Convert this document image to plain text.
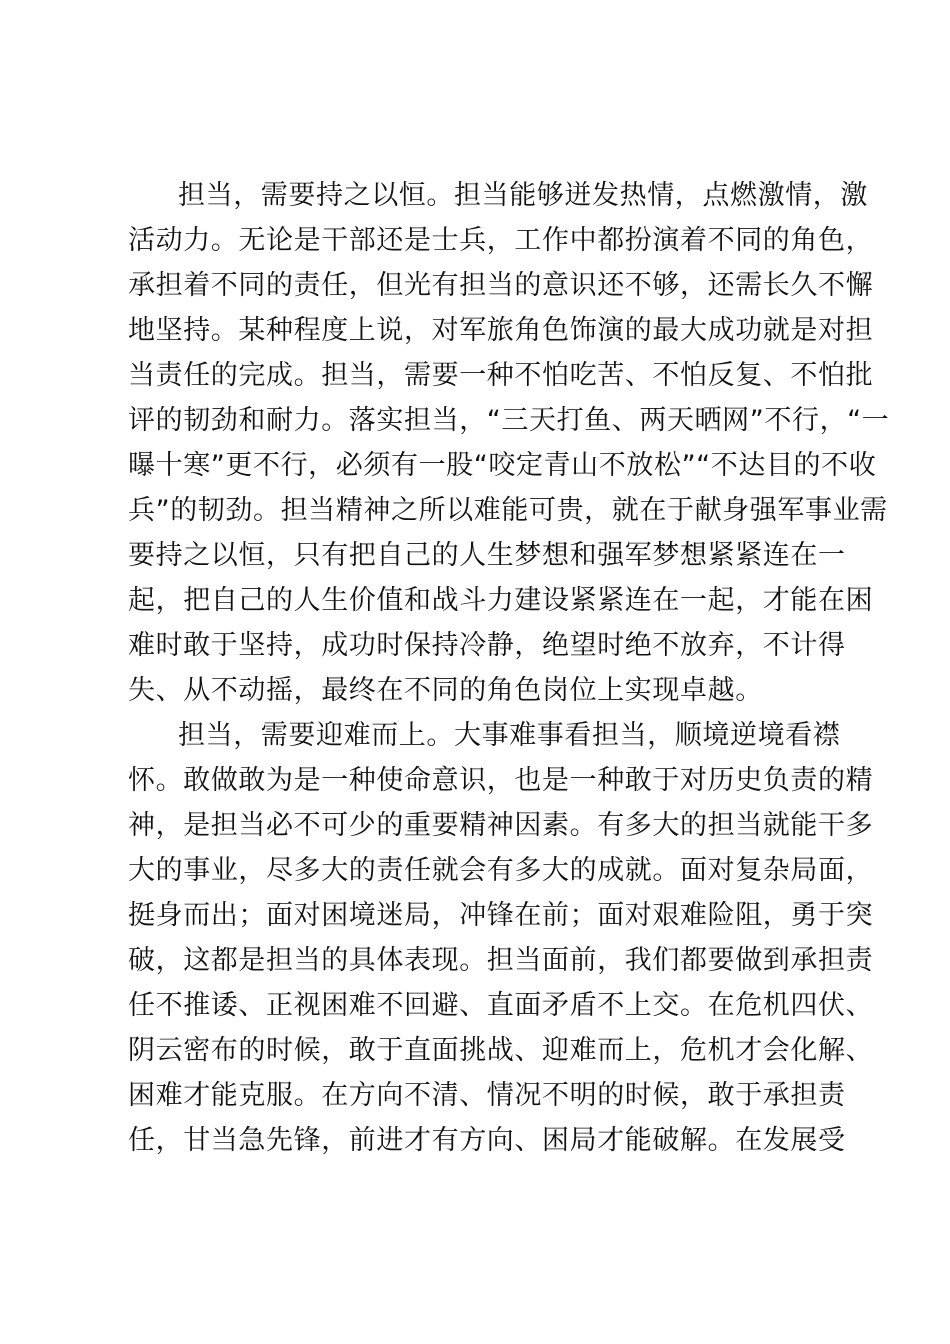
担当，需要持之以恒。担当能够迸发热情，点燃激情，激
活动力。无论是干部还是士兵，工作中都扮演着不同的角色，
承担着不同的责任，但光有担当的意识还不够，还需长久不懈
地坚持。某种程度上说，对军旅角色饰演的最大成功就是对担
当责任的完成。担当，需要一种不怕吃苦、不怕反复、不怕批
评的韧劲和耐力。落实担当，“三天打鱼、两天晒网”不行，“一
曝十寒”更不行，必须有一股“咬定青山不放松”“不达目的不收
兵”的韧劲。担当精神之所以难能可贵，就在于献身强军事业需
要持之以恒，只有把自己的人生梦想和强军梦想紧紧连在一
起，把自己的人生价值和战斗力建设紧紧连在一起，才能在困
难时敢于坚持，成功时保持冷静，绝望时绝不放弃，不计得
失、从不动摇，最终在不同的角色岗位上实现卓越。
担当，需要迎难而上。大事难事看担当，顺境逆境看襟
怀。敢做敢为是一种使命意识，也是一种敢于对历史负责的精
神，是担当必不可少的重要精神因素。有多大的担当就能干多
大的事业，尽多大的责任就会有多大的成就。面对复杂局面，
挺身而出；面对困境迷局，冲锋在前；面对艰难险阻，勇于突
破，这都是担当的具体表现。担当面前，我们都要做到承担责
任不推诿、正视困难不回避、直面矛盾不上交。在危机四伏、
阴云密布的时候，敢于直面挑战、迎难而上，危机才会化解、
困难才能克服。在方向不清、情况不明的时候，敢于承担责
任，甘当急先锋，前进才有方向、困局才能破解。在发展受
